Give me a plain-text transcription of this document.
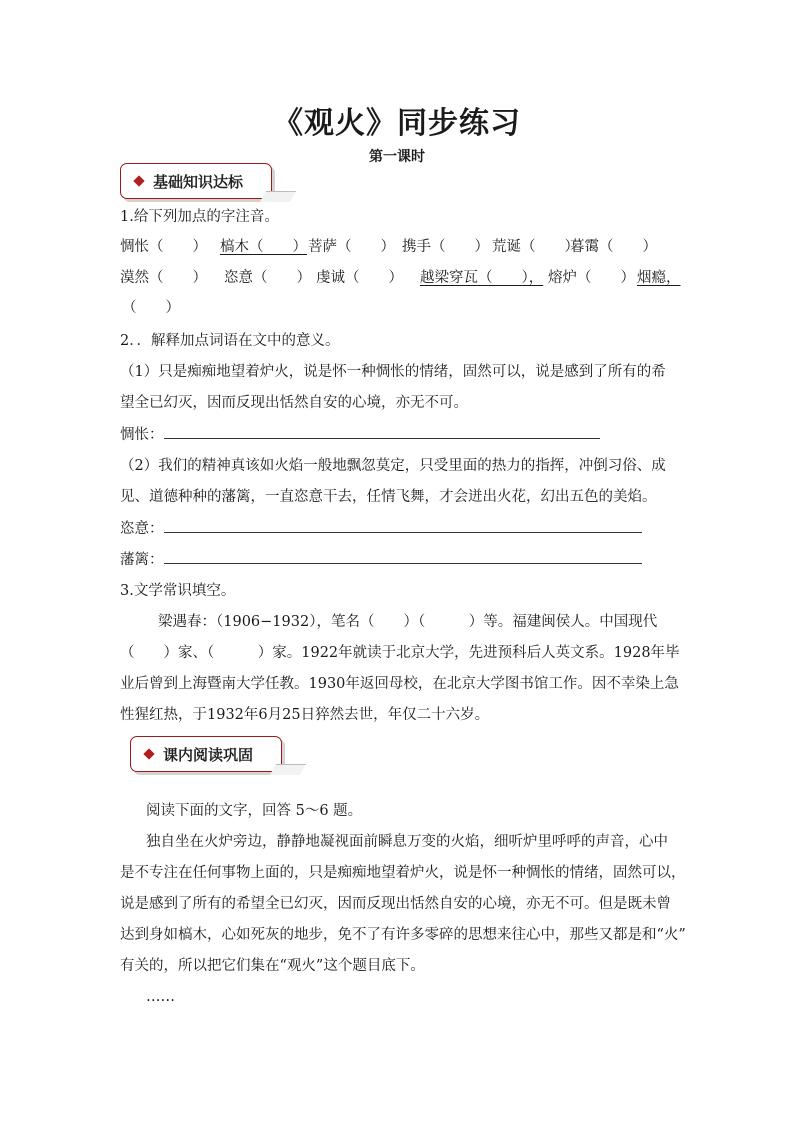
《观火》同步练习
第一课时
基础知识达标
1.给下列加点的字注音。
惆怅（　　） 槁木（　　） 菩萨（　　） 携手（　　） 荒诞（　　）
暮霭（　　）
漠然（　　） 恣意（　　） 虔诚（　　） 越梁穿瓦（　　）， 熔炉（　　） 烟瘾，
（　　）
2．．解释加点词语在文中的意义。
（1）只是痴痴地望着炉火，说是怀一种惆怅的情绪，固然可以，说是感到了所有的希
望全已幻灭，因而反现出恬然自安的心境，亦无不可。
惆怅：
（2）我们的精神真该如火焰一般地飘忽莫定，只受里面的热力的指挥，冲倒习俗、成
见、道德种种的藩篱，一直恣意干去，任情飞舞，才会迸出火花，幻出五色的美焰。
恣意：
藩篱：
3.文学常识填空。
梁遇春：（1906−1932），笔名（　　）（　　　）等。福建闽侯人。中国现代
（　　）家、（　　　）家。1922年就读于北京大学，先进预科后人英文系。1928年毕
业后曾到上海暨南大学任教。1930年返回母校，在北京大学图书馆工作。因不幸染上急
性猩红热，于1932年6月25日猝然去世，年仅二十六岁。
课内阅读巩固
阅读下面的文字，回答 5～6 题。
独自坐在火炉旁边，静静地凝视面前瞬息万变的火焰，细听炉里呼呼的声音，心中
是不专注在任何事物上面的，只是痴痴地望着炉火，说是怀一种惆怅的情绪，固然可以，
说是感到了所有的希望全已幻灭，因而反现出恬然自安的心境，亦无不可。但是既未曾
达到身如槁木，心如死灰的地步，免不了有许多零碎的思想来往心中，那些又都是和“火”
有关的，所以把它们集在“观火”这个题目底下。
……
